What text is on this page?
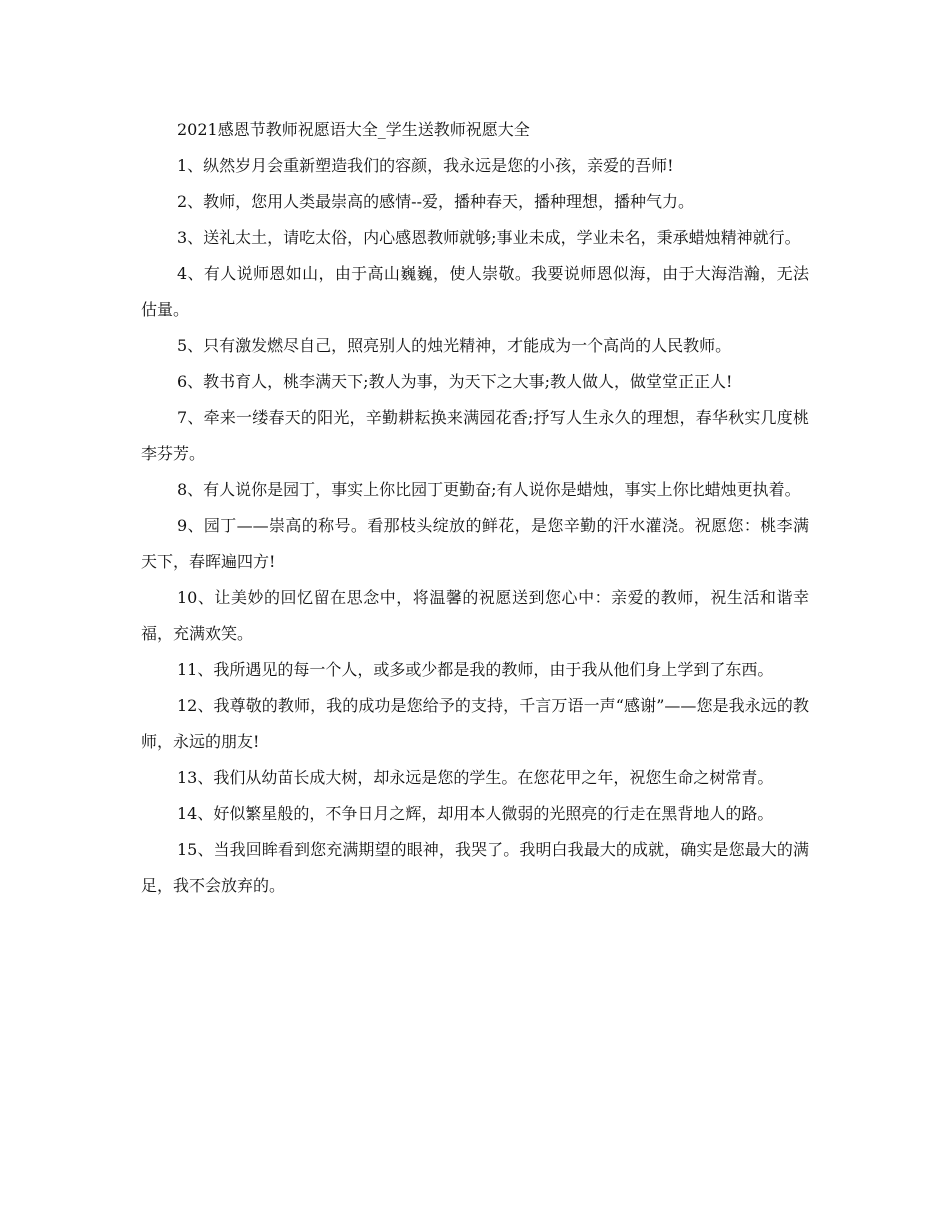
2021感恩节教师祝愿语大全_学生送教师祝愿大全

1、纵然岁月会重新塑造我们的容颜，我永远是您的小孩，亲爱的吾师!

2、教师，您用人类最崇高的感情--爱，播种春天，播种理想，播种气力。

3、送礼太土，请吃太俗，内心感恩教师就够;事业未成，学业未名，秉承蜡烛精神就行。

4、有人说师恩如山，由于高山巍巍，使人崇敬。我要说师恩似海，由于大海浩瀚，无法估量。

5、只有激发燃尽自己，照亮别人的烛光精神，才能成为一个高尚的人民教师。

6、教书育人，桃李满天下;教人为事，为天下之大事;教人做人，做堂堂正正人!

7、牵来一缕春天的阳光，辛勤耕耘换来满园花香;抒写人生永久的理想，春华秋实几度桃李芬芳。

8、有人说你是园丁，事实上你比园丁更勤奋;有人说你是蜡烛，事实上你比蜡烛更执着。

9、园丁——崇高的称号。看那枝头绽放的鲜花，是您辛勤的汗水灌浇。祝愿您：桃李满天下，春晖遍四方!

10、让美妙的回忆留在思念中，将温馨的祝愿送到您心中：亲爱的教师，祝生活和谐幸福，充满欢笑。

11、我所遇见的每一个人，或多或少都是我的教师，由于我从他们身上学到了东西。

12、我尊敬的教师，我的成功是您给予的支持，千言万语一声“感谢”——您是我永远的教师，永远的朋友!

13、我们从幼苗长成大树，却永远是您的学生。在您花甲之年，祝您生命之树常青。

14、好似繁星般的，不争日月之辉，却用本人微弱的光照亮的行走在黑背地人的路。

15、当我回眸看到您充满期望的眼神，我哭了。我明白我最大的成就，确实是您最大的满足，我不会放弃的。
